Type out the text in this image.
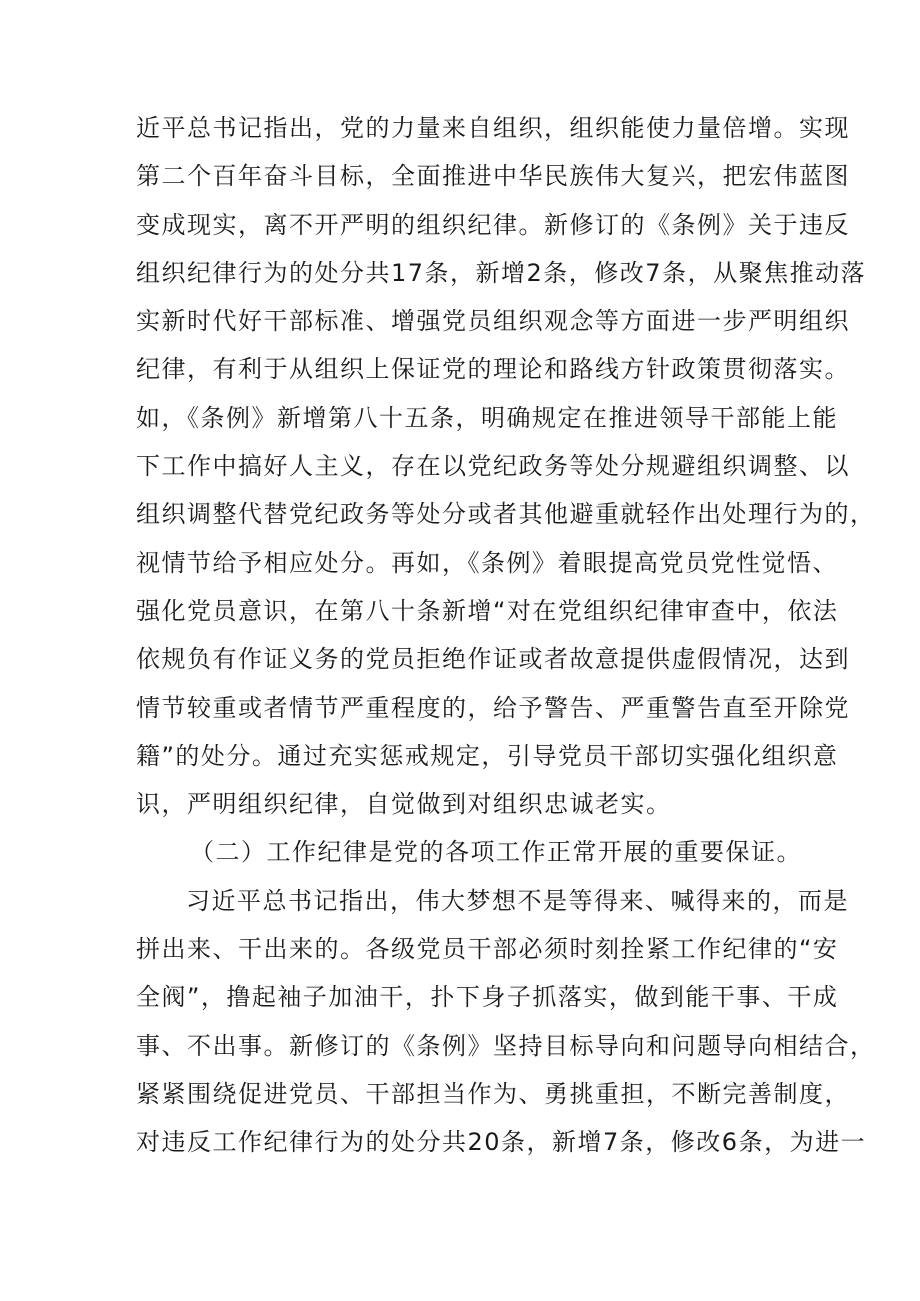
近平总书记指出，党的力量来自组织，组织能使力量倍增。实现
第二个百年奋斗目标，全面推进中华民族伟大复兴，把宏伟蓝图
变成现实，离不开严明的组织纪律。新修订的《条例》关于违反
组织纪律行为的处分共17条，新增2条，修改7条，从聚焦推动落
实新时代好干部标准、增强党员组织观念等方面进一步严明组织
纪律，有利于从组织上保证党的理论和路线方针政策贯彻落实。
如，《条例》新增第八十五条，明确规定在推进领导干部能上能
下工作中搞好人主义，存在以党纪政务等处分规避组织调整、以
组织调整代替党纪政务等处分或者其他避重就轻作出处理行为的，
视情节给予相应处分。再如，《条例》着眼提高党员党性觉悟、
强化党员意识，在第八十条新增“对在党组织纪律审查中，依法
依规负有作证义务的党员拒绝作证或者故意提供虚假情况，达到
情节较重或者情节严重程度的，给予警告、严重警告直至开除党
籍”的处分。通过充实惩戒规定，引导党员干部切实强化组织意
识，严明组织纪律，自觉做到对组织忠诚老实。
（二）工作纪律是党的各项工作正常开展的重要保证。
习近平总书记指出，伟大梦想不是等得来、喊得来的，而是
拼出来、干出来的。各级党员干部必须时刻拴紧工作纪律的“安
全阀”，撸起袖子加油干，扑下身子抓落实，做到能干事、干成
事、不出事。新修订的《条例》坚持目标导向和问题导向相结合，
紧紧围绕促进党员、干部担当作为、勇挑重担，不断完善制度，
对违反工作纪律行为的处分共20条，新增7条，修改6条，为进一
